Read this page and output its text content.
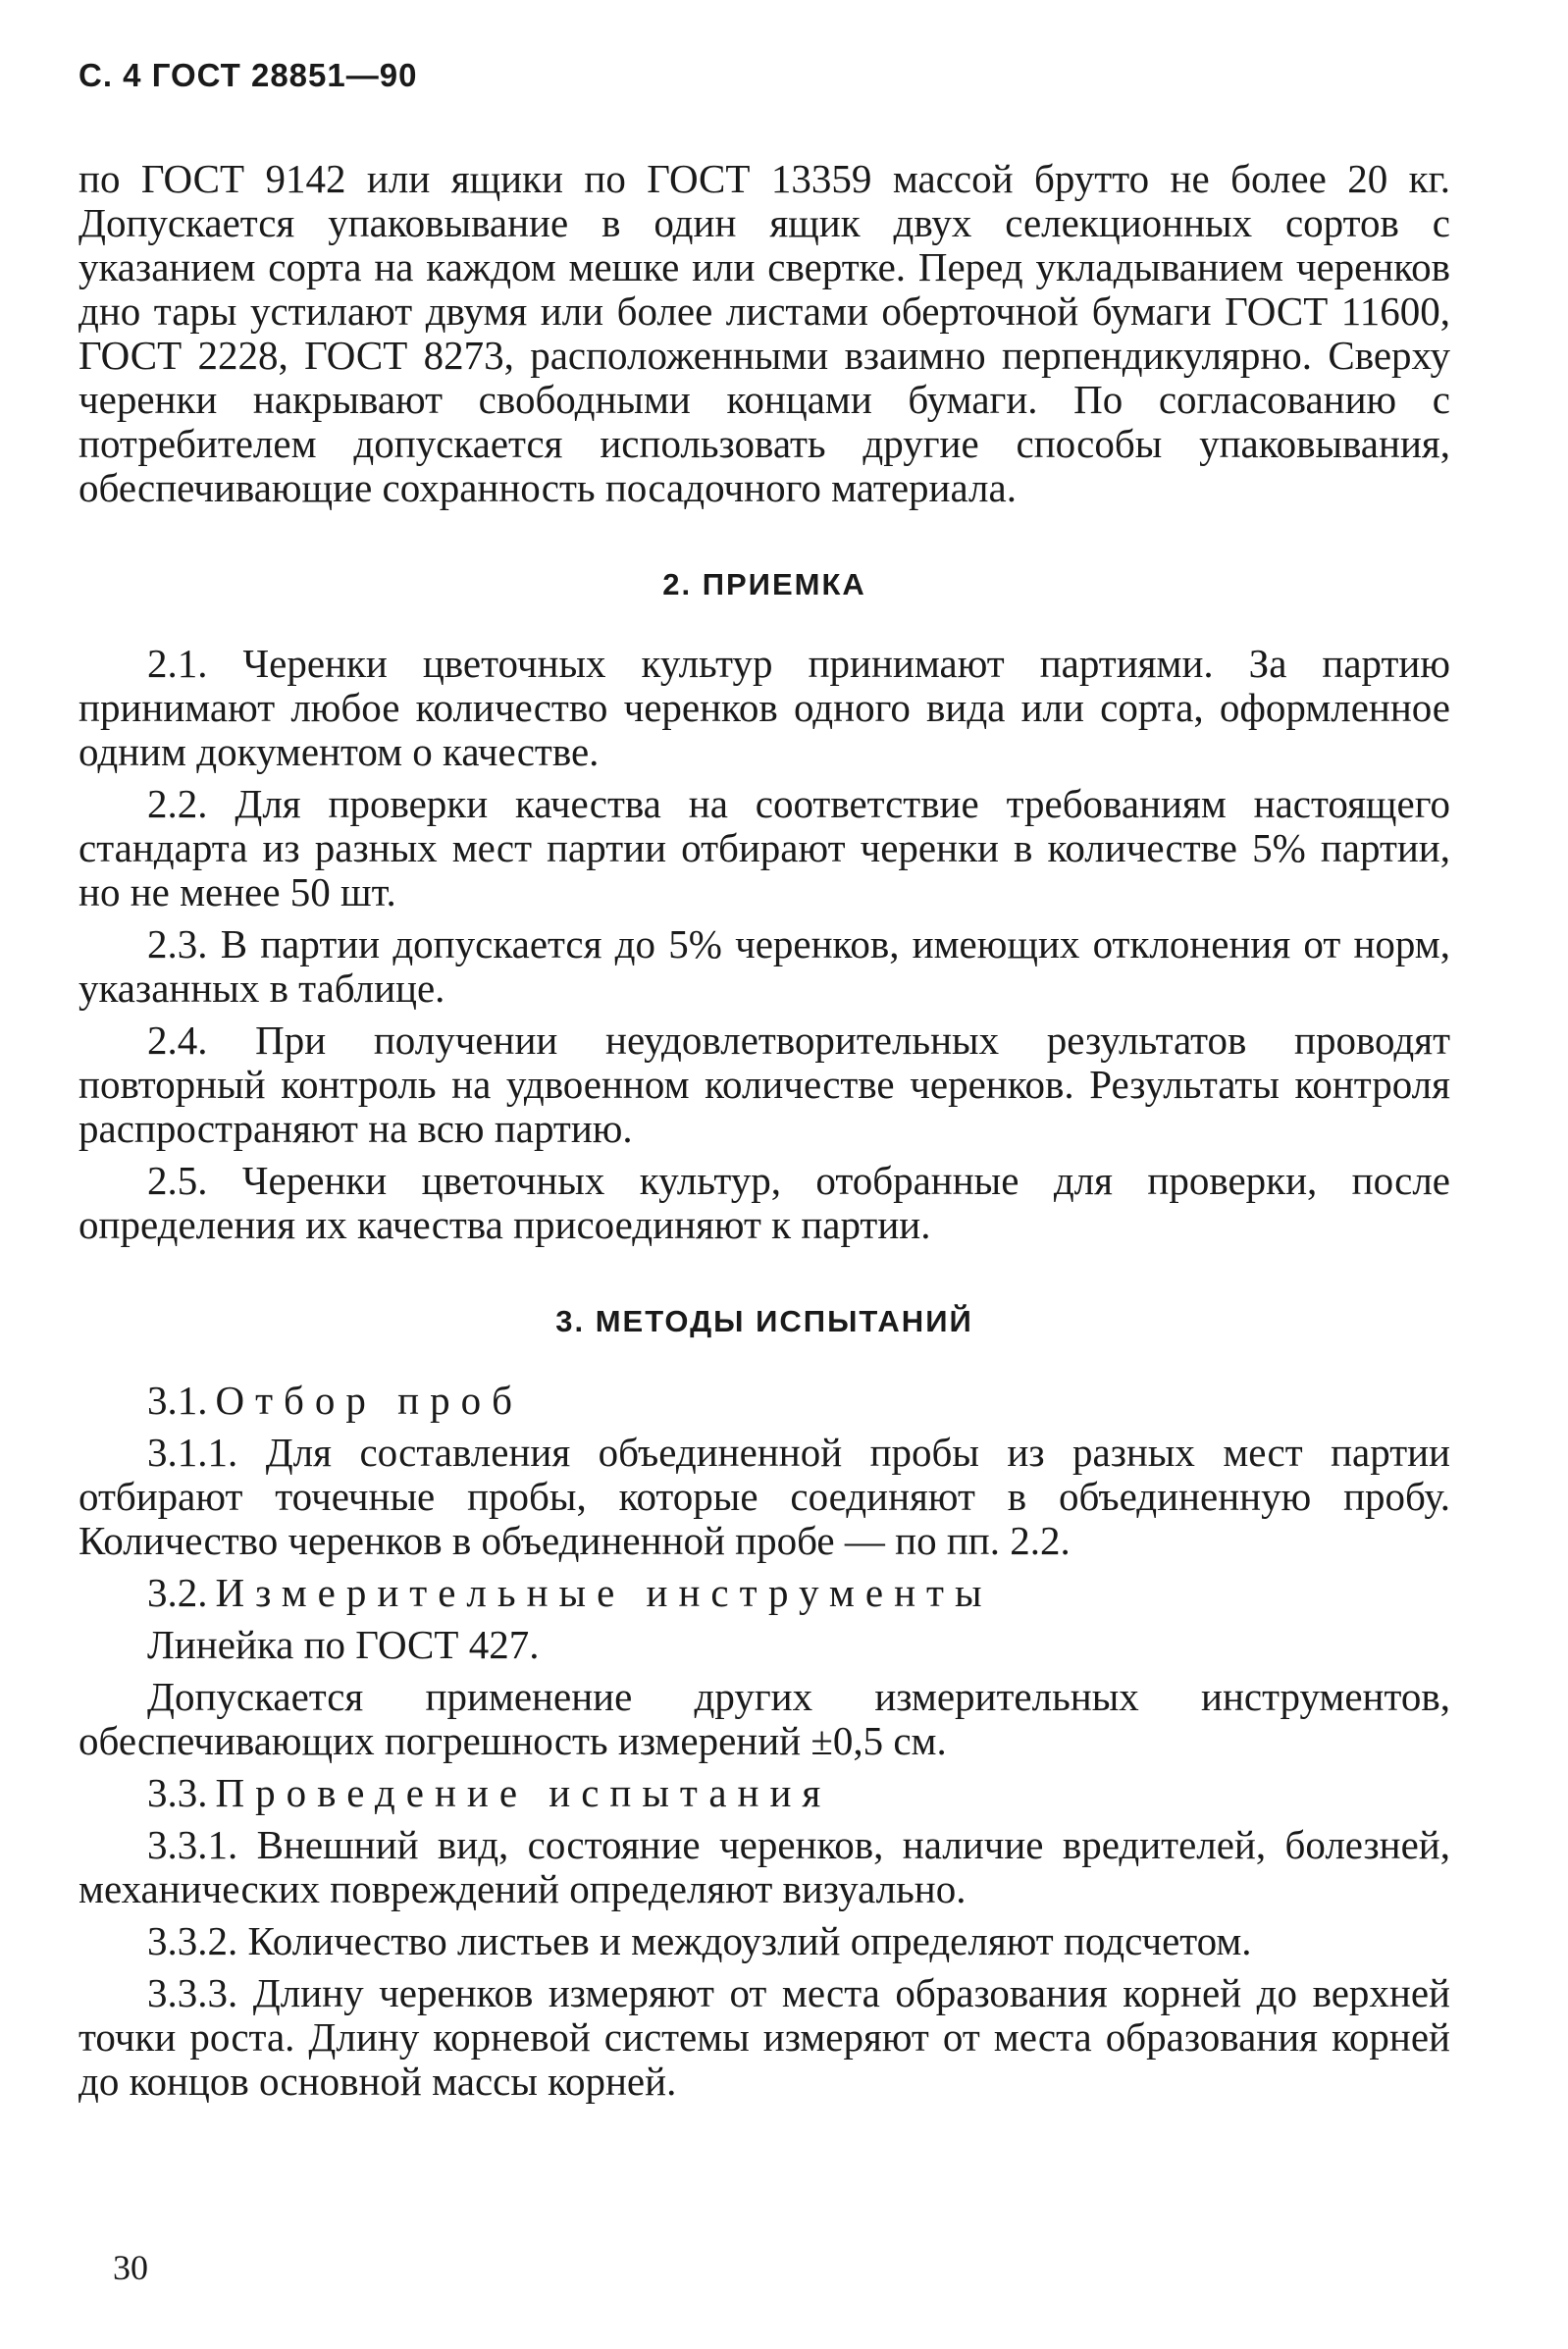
С. 4 ГОСТ 28851—90
по ГОСТ 9142 или ящики по ГОСТ 13359 массой брутто не более 20 кг. Допускается упаковывание в один ящик двух селекционных сортов с указанием сорта на каждом мешке или свертке. Перед укладыванием черенков дно тары устилают двумя или более листами оберточной бумаги ГОСТ 11600, ГОСТ 2228, ГОСТ 8273, расположенными взаимно перпендикулярно. Сверху черенки накрывают свободными концами бумаги. По согласованию с потребителем допускается использовать другие способы упаковывания, обеспечивающие сохранность посадочного материала.
2. ПРИЕМКА

2.1. Черенки цветочных культур принимают партиями. За партию принимают любое количество черенков одного вида или сорта, оформленное одним документом о качестве.

2.2. Для проверки качества на соответствие требованиям настоящего стандарта из разных мест партии отбирают черенки в количестве 5% партии, но не менее 50 шт.

2.3. В партии допускается до 5% черенков, имеющих отклонения от норм, указанных в таблице.

2.4. При получении неудовлетворительных результатов проводят повторный контроль на удвоенном количестве черенков. Результаты контроля распространяют на всю партию.

2.5. Черенки цветочных культур, отобранные для проверки, после определения их качества присоединяют к партии.

3. МЕТОДЫ ИСПЫТАНИЙ
3.1. Отбор проб

3.1.1. Для составления объединенной пробы из разных мест партии отбирают точечные пробы, которые соединяют в объединенную пробу. Количество черенков в объединенной пробе — по пп. 2.2.

3.2. Измерительные инструменты
Линейка по ГОСТ 427.

Допускается применение других измерительных инструментов, обеспечивающих погрешность измерений ±0,5 см.

3.3. Проведение испытания

3.3.1. Внешний вид, состояние черенков, наличие вредителей, болезней, механических повреждений определяют визуально.

3.3.2. Количество листьев и междоузлий определяют подсчетом.

3.3.3. Длину черенков измеряют от места образования корней до верхней точки роста. Длину корневой системы измеряют от места образования корней до концов основной массы корней.

30
